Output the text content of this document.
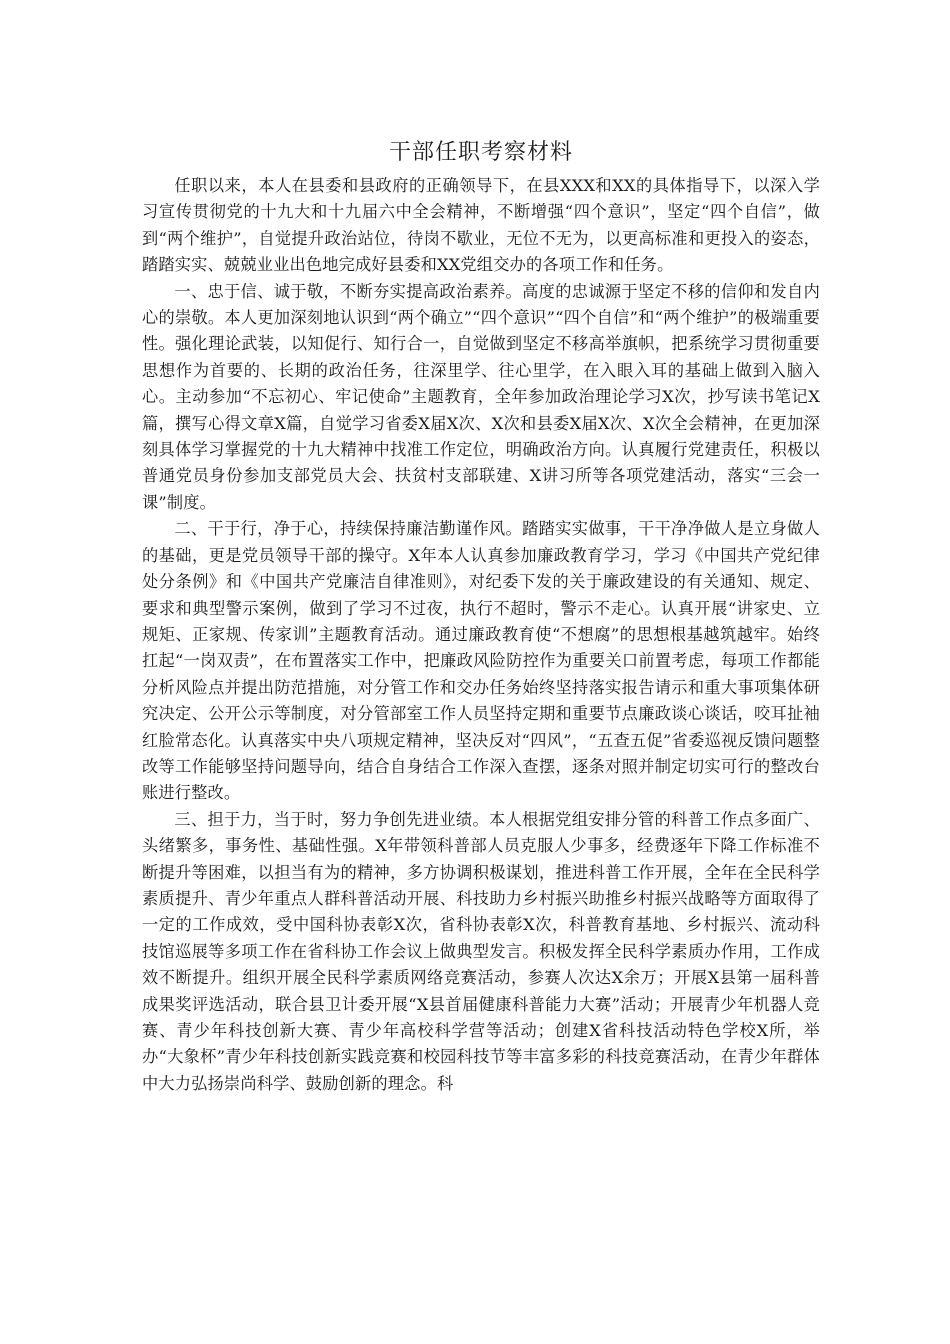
干部任职考察材料

任职以来，本人在县委和县政府的正确领导下，在县XXX和XX的具体指导下，以深入学习宣传贯彻党的十九大和十九届六中全会精神，不断增强“四个意识”，坚定“四个自信”，做到“两个维护”，自觉提升政治站位，待岗不歇业，无位不无为，以更高标准和更投入的姿态，踏踏实实、兢兢业业出色地完成好县委和XX党组交办的各项工作和任务。

一、忠于信、诚于敬，不断夯实提高政治素养。高度的忠诚源于坚定不移的信仰和发自内心的崇敬。本人更加深刻地认识到“两个确立”“四个意识”“四个自信”和“两个维护”的极端重要性。强化理论武装，以知促行、知行合一，自觉做到坚定不移高举旗帜，把系统学习贯彻重要思想作为首要的、长期的政治任务，往深里学、往心里学，在入眼入耳的基础上做到入脑入心。主动参加“不忘初心、牢记使命”主题教育，全年参加政治理论学习X次，抄写读书笔记X篇，撰写心得文章X篇，自觉学习省委X届X次、X次和县委X届X次、X次全会精神，在更加深刻具体学习掌握党的十九大精神中找准工作定位，明确政治方向。认真履行党建责任，积极以普通党员身份参加支部党员大会、扶贫村支部联建、X讲习所等各项党建活动，落实“三会一课”制度。

二、干于行，净于心，持续保持廉洁勤谨作风。踏踏实实做事，干干净净做人是立身做人的基础，更是党员领导干部的操守。X年本人认真参加廉政教育学习，学习《中国共产党纪律处分条例》和《中国共产党廉洁自律准则》，对纪委下发的关于廉政建设的有关通知、规定、要求和典型警示案例，做到了学习不过夜，执行不超时，警示不走心。认真开展“讲家史、立规矩、正家规、传家训”主题教育活动。通过廉政教育使“不想腐”的思想根基越筑越牢。始终扛起“一岗双责”，在布置落实工作中，把廉政风险防控作为重要关口前置考虑，每项工作都能分析风险点并提出防范措施，对分管工作和交办任务始终坚持落实报告请示和重大事项集体研究决定、公开公示等制度，对分管部室工作人员坚持定期和重要节点廉政谈心谈话，咬耳扯袖红脸常态化。认真落实中央八项规定精神，坚决反对“四风”，“五查五促”省委巡视反馈问题整改等工作能够坚持问题导向，结合自身结合工作深入查摆，逐条对照并制定切实可行的整改台账进行整改。

三、担于力，当于时，努力争创先进业绩。本人根据党组安排分管的科普工作点多面广、头绪繁多，事务性、基础性强。X年带领科普部人员克服人少事多，经费逐年下降工作标准不断提升等困难，以担当有为的精神，多方协调积极谋划，推进科普工作开展，全年在全民科学素质提升、青少年重点人群科普活动开展、科技助力乡村振兴助推乡村振兴战略等方面取得了一定的工作成效，受中国科协表彰X次，省科协表彰X次，科普教育基地、乡村振兴、流动科技馆巡展等多项工作在省科协工作会议上做典型发言。积极发挥全民科学素质办作用，工作成效不断提升。组织开展全民科学素质网络竞赛活动，参赛人次达X余万；开展X县第一届科普成果奖评选活动，联合县卫计委开展“X县首届健康科普能力大赛”活动；开展青少年机器人竞赛、青少年科技创新大赛、青少年高校科学营等活动；创建X省科技活动特色学校X所，举办“大象杯”青少年科技创新实践竞赛和校园科技节等丰富多彩的科技竞赛活动，在青少年群体中大力弘扬崇尚科学、鼓励创新的理念。科
